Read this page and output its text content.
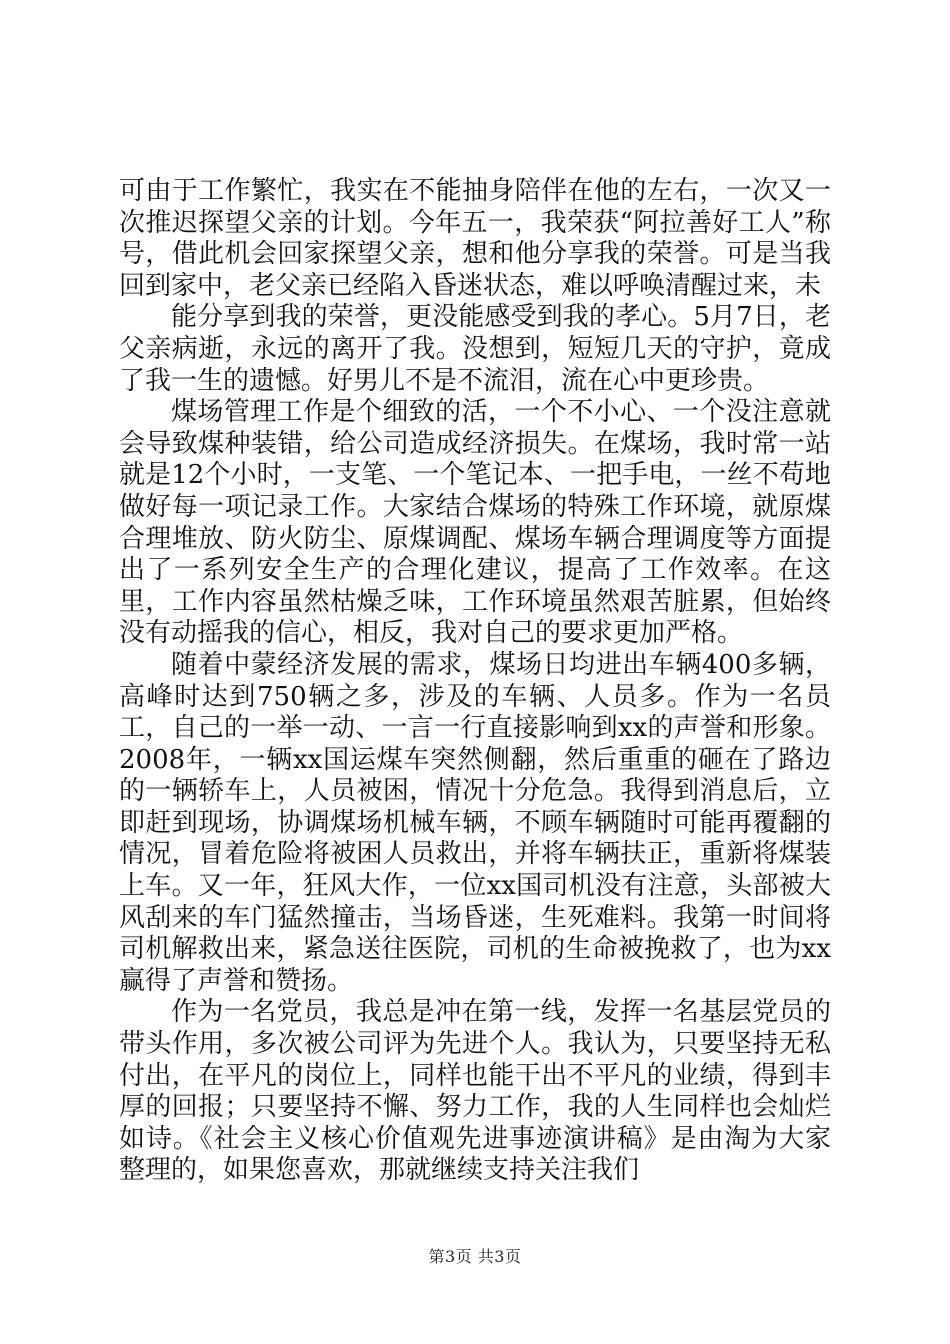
可由于工作繁忙，我实在不能抽身陪伴在他的左右，一次又一次推迟探望父亲的计划。今年五一，我荣获“阿拉善好工人”称号，借此机会回家探望父亲，想和他分享我的荣誉。可是当我回到家中，老父亲已经陷入昏迷状态，难以呼唤清醒过来，未

能分享到我的荣誉，更没能感受到我的孝心。5月7日，老父亲病逝，永远的离开了我。没想到，短短几天的守护，竟成了我一生的遗憾。好男儿不是不流泪，流在心中更珍贵。

煤场管理工作是个细致的活，一个不小心、一个没注意就会导致煤种装错，给公司造成经济损失。在煤场，我时常一站就是12个小时，一支笔、一个笔记本、一把手电，一丝不苟地做好每一项记录工作。大家结合煤场的特殊工作环境，就原煤合理堆放、防火防尘、原煤调配、煤场车辆合理调度等方面提出了一系列安全生产的合理化建议，提高了工作效率。在这里，工作内容虽然枯燥乏味，工作环境虽然艰苦脏累，但始终没有动摇我的信心，相反，我对自己的要求更加严格。

随着中蒙经济发展的需求，煤场日均进出车辆400多辆，高峰时达到750辆之多，涉及的车辆、人员多。作为一名员工，自己的一举一动、一言一行直接影响到xx的声誉和形象。2008年，一辆xx国运煤车突然侧翻，然后重重的砸在了路边的一辆轿车上，人员被困，情况十分危急。我得到消息后，立即赶到现场，协调煤场机械车辆，不顾车辆随时可能再覆翻的情况，冒着危险将被困人员救出，并将车辆扶正，重新将煤装上车。又一年，狂风大作，一位xx国司机没有注意，头部被大风刮来的车门猛然撞击，当场昏迷，生死难料。我第一时间将司机解救出来，紧急送往医院，司机的生命被挽救了，也为xx赢得了声誉和赞扬。

作为一名党员，我总是冲在第一线，发挥一名基层党员的带头作用，多次被公司评为先进个人。我认为，只要坚持无私付出，在平凡的岗位上，同样也能干出不平凡的业绩，得到丰厚的回报；只要坚持不懈、努力工作，我的人生同样也会灿烂如诗。《社会主义核心价值观先进事迹演讲稿》是由淘为大家整理的，如果您喜欢，那就继续支持关注我们

第3页 共3页
